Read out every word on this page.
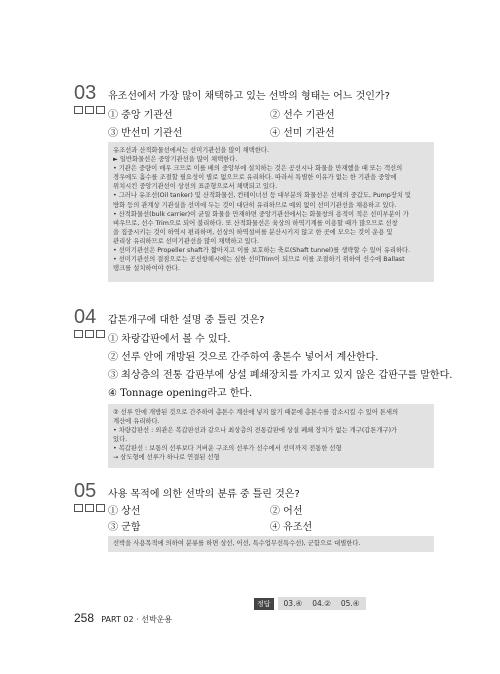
03	유조선에서 가장 많이 채택하고 있는 선박의 형태는 어느 것인가?
① 중앙 기관선	② 선수 기관선
③ 반선미 기관선	④ 선미 기관선
유조선과 산적화물선에서는 선미기관선을 많이 채택한다.
► 일반화물선은 중앙기관선을 많이 채택한다.
• 기관은 중량이 매우 크므로 이를 배의 중앙부에 설치하는 것은 공선시나 화물을 만재했을 때 또는 객선의
경우에도 흘수를 조절할 필요성이 별로 없으므로 유리하다. 따라서 특별한 이유가 없는 한 기관을 중앙에
위치시킨 중앙기관선이 상선의 표준형으로서 채택되고 있다.
• 그러나 유조선(Oil tanker) 및 산적화물선, 컨테이너선 등 대부분의 화물선은 선체의 중갑도, Pump장치 및
방화 등의 관계상 기관실을 선미에 두는 것이 대단히 유리하므로 예외 없이 선미기관선을 채용하고 있다.
• 산적화물선(bulk carrier)이 균일 화물을 만재하면 중앙기관선에서는 화물창의 용적이 적은 선미부분이 가
벼우므로, 선수 Trim으로 되어 불리하다. 또 산적화물선은 육상의 하역기계를 이용할 때가 많으므로 선창
을 집중시키는 것이 하역시 편리하며, 선상의 하역설비를 분산시키지 않고 한 곳에 모으는 것이 운용 및
관리상 유리하므로 선미기관선을 많이 채택하고 있다.
• 선미기관선은 Propeller shaft가 짧아지고 이를 보호하는 축로(Shaft tunnel)를 생략할 수 있어 유리하다.
• 선미기관선의 결점으로는 공선항해시에는 심한 선미Trim이 되므로 이를 조절하기 위하여 선수에 Ballast
탱크를 설치하여야 한다.
04	갑톤개구에 대한 설명 중 틀린 것은?
① 차랑갑판에서 볼 수 있다.
② 선루 안에 개방된 것으로 간주하여 총톤수 넣어서 계산한다.
③ 최상층의 전통 갑판부에 상설 폐쇄장치를 가지고 있지 않은 갑판구를 말한다.
④ Tonnage opening라고 한다.
② 선루 안에 개방된 것으로 간주하여 총톤수 계산에 넣지 않기 때문에 총톤수를 감소시킬 수 있어 톤세의
계산에 유리하다.
• 차량갑판선 : 외관은 복갑판선과 같으나 최상층의 전통갑판에 상설 폐쇄 장치가 없는 개구(갑톤개구)가
있다.
• 복갑판선 : 보통의 선루보다 거버운 구조의 선루가 선수에서 선미까지 전통한 선형
→ 삼도형에 선루가 하나로 연결된 선형
05	사용 목적에 의한 선박의 분류 중 틀린 것은?
① 상선	② 어선
③ 군함	④ 유조선
선박을 사용목적에 의하여 분류를 하면 상선, 어선, 특수업무선특수선), 군함으로 대별한다.
정답	03.④ 04.② 05.④
258 PART 02 · 선박운용
